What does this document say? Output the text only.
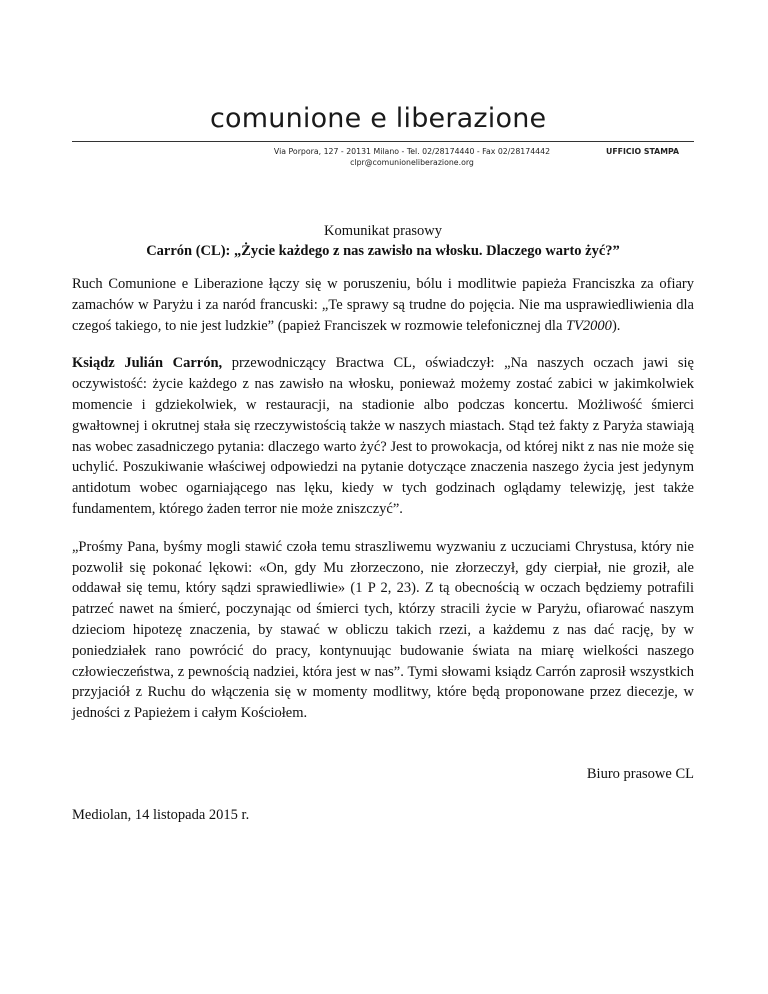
comunione e liberazione
Via Porpora, 127 - 20131 Milano - Tel. 02/28174440 - Fax 02/28174442
clpr@comunioneliberazione.org
UFFICIO STAMPA
Komunikat prasowy
Carrón (CL): „Życie każdego z nas zawisło na włosku. Dlaczego warto żyć?”

Ruch Comunione e Liberazione łączy się w poruszeniu, bólu i modlitwie papieża Franciszka za ofiary zamachów w Paryżu i za naród francuski: „Te sprawy są trudne do pojęcia. Nie ma usprawiedliwienia dla czegoś takiego, to nie jest ludzkie” (papież Franciszek w rozmowie telefonicznej dla TV2000).

Ksiądz Julián Carrón, przewodniczący Bractwa CL, oświadczył: „Na naszych oczach jawi się oczywistość: życie każdego z nas zawisło na włosku, ponieważ możemy zostać zabici w jakimkolwiek momencie i gdziekolwiek, w restauracji, na stadionie albo podczas koncertu. Możliwość śmierci gwałtownej i okrutnej stała się rzeczywistością także w naszych miastach. Stąd też fakty z Paryża stawiają nas wobec zasadniczego pytania: dlaczego warto żyć? Jest to prowokacja, od której nikt z nas nie może się uchylić. Poszukiwanie właściwej odpowiedzi na pytanie dotyczące znaczenia naszego życia jest jedynym antidotum wobec ogarniającego nas lęku, kiedy w tych godzinach oglądamy telewizję, jest także fundamentem, którego żaden terror nie może zniszczyć”.

„Prośmy Pana, byśmy mogli stawić czoła temu straszliwemu wyzwaniu z uczuciami Chrystusa, który nie pozwolił się pokonać lękowi: «On, gdy Mu złorzeczono, nie złorzeczył, gdy cierpiał, nie groził, ale oddawał się temu, który sądzi sprawiedliwie» (1 P 2, 23). Z tą obecnością w oczach będziemy potrafili patrzeć nawet na śmierć, poczynając od śmierci tych, którzy stracili życie w Paryżu, ofiarować naszym dzieciom hipotezę znaczenia, by stawać w obliczu takich rzezi, a każdemu z nas dać rację, by w poniedziałek rano powrócić do pracy, kontynuując budowanie świata na miarę wielkości naszego człowieczeństwa, z pewnością nadziei, która jest w nas”. Tymi słowami ksiądz Carrón zaprosił wszystkich przyjaciół z Ruchu do włączenia się w momenty modlitwy, które będą proponowane przez diecezje, w jedności z Papieżem i całym Kościołem.

Biuro prasowe CL
Mediolan, 14 listopada 2015 r.
